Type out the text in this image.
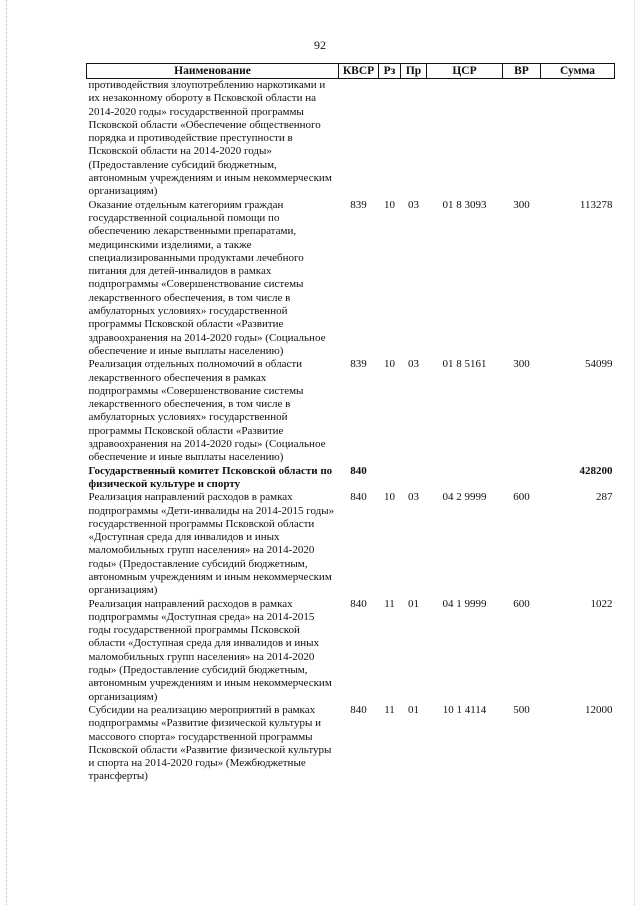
92
Наименование	КВСР	Рз	Пр	ЦСР	ВР	Сумма
противодействия злоупотреблению наркотиками и их незаконному обороту в Псковской области на 2014-2020 годы» государственной программы Псковской области «Обеспечение общественного порядка и противодействие преступности в Псковской области на 2014-2020 годы» (Предоставление субсидий бюджетным, автономным учреждениям и иным некоммерческим организациям)						
Оказание отдельным категориям граждан государственной социальной помощи по обеспечению лекарственными препаратами, медицинскими изделиями, а также специализированными продуктами лечебного питания для детей-инвалидов в рамках подпрограммы «Совершенствование системы лекарственного обеспечения, в том числе в амбулаторных условиях» государственной программы Псковской области «Развитие здравоохранения на 2014-2020 годы» (Социальное обеспечение и иные выплаты населению)	839	10	03	01 8 3093	300	113278
Реализация отдельных полномочий в области лекарственного обеспечения в рамках подпрограммы «Совершенствование системы лекарственного обеспечения, в том числе в амбулаторных условиях» государственной программы Псковской области «Развитие здравоохранения на 2014-2020 годы» (Социальное обеспечение и иные выплаты населению)	839	10	03	01 8 5161	300	54099
Государственный комитет Псковской области по физической культуре и спорту	840					428200
Реализация направлений расходов в рамках подпрограммы «Дети-инвалиды на 2014-2015 годы» государственной программы Псковской области «Доступная среда для инвалидов и иных маломобильных групп населения» на 2014-2020 годы» (Предоставление субсидий бюджетным, автономным учреждениям и иным некоммерческим организациям)	840	10	03	04 2 9999	600	287
Реализация направлений расходов в рамках подпрограммы «Доступная среда» на 2014-2015 годы государственной программы Псковской области «Доступная среда для инвалидов и иных маломобильных групп населения» на 2014-2020 годы» (Предоставление субсидий бюджетным, автономным учреждениям и иным некоммерческим организациям)	840	11	01	04 1 9999	600	1022
Субсидии на реализацию мероприятий в рамках подпрограммы «Развитие физической культуры и массового спорта» государственной программы Псковской области «Развитие физической культуры и спорта на 2014-2020 годы» (Межбюджетные трансферты)	840	11	01	10 1 4114	500	12000
